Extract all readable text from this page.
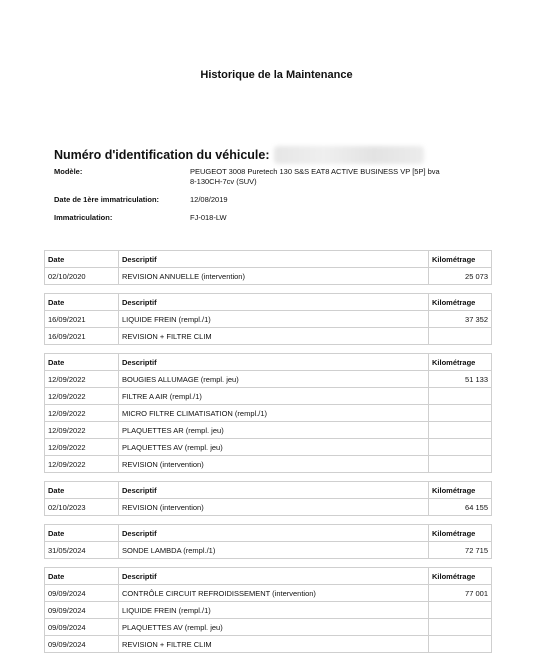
Historique de la Maintenance
Numéro d'identification du véhicule:
Modèle:	PEUGEOT 3008 Puretech 130 S&S EAT8 ACTIVE BUSINESS VP [5P] bva
8-130CH-7cv (SUV)
Date de 1ère immatriculation:	12/08/2019
Immatriculation:	FJ-018-LW
Date	Descriptif	Kilométrage
02/10/2020	REVISION ANNUELLE (intervention)	25 073
Date	Descriptif	Kilométrage
16/09/2021	LIQUIDE FREIN (rempl./1)	37 352
16/09/2021	REVISION + FILTRE CLIM	
Date	Descriptif	Kilométrage
12/09/2022	BOUGIES ALLUMAGE (rempl. jeu)	51 133
12/09/2022	FILTRE A AIR (rempl./1)	
12/09/2022	MICRO FILTRE CLIMATISATION (rempl./1)	
12/09/2022	PLAQUETTES AR (rempl. jeu)	
12/09/2022	PLAQUETTES AV (rempl. jeu)	
12/09/2022	REVISION (intervention)	
Date	Descriptif	Kilométrage
02/10/2023	REVISION (intervention)	64 155
Date	Descriptif	Kilométrage
31/05/2024	SONDE LAMBDA (rempl./1)	72 715
Date	Descriptif	Kilométrage
09/09/2024	CONTRÔLE CIRCUIT REFROIDISSEMENT (intervention)	77 001
09/09/2024	LIQUIDE FREIN (rempl./1)	
09/09/2024	PLAQUETTES AV (rempl. jeu)	
09/09/2024	REVISION + FILTRE CLIM	
